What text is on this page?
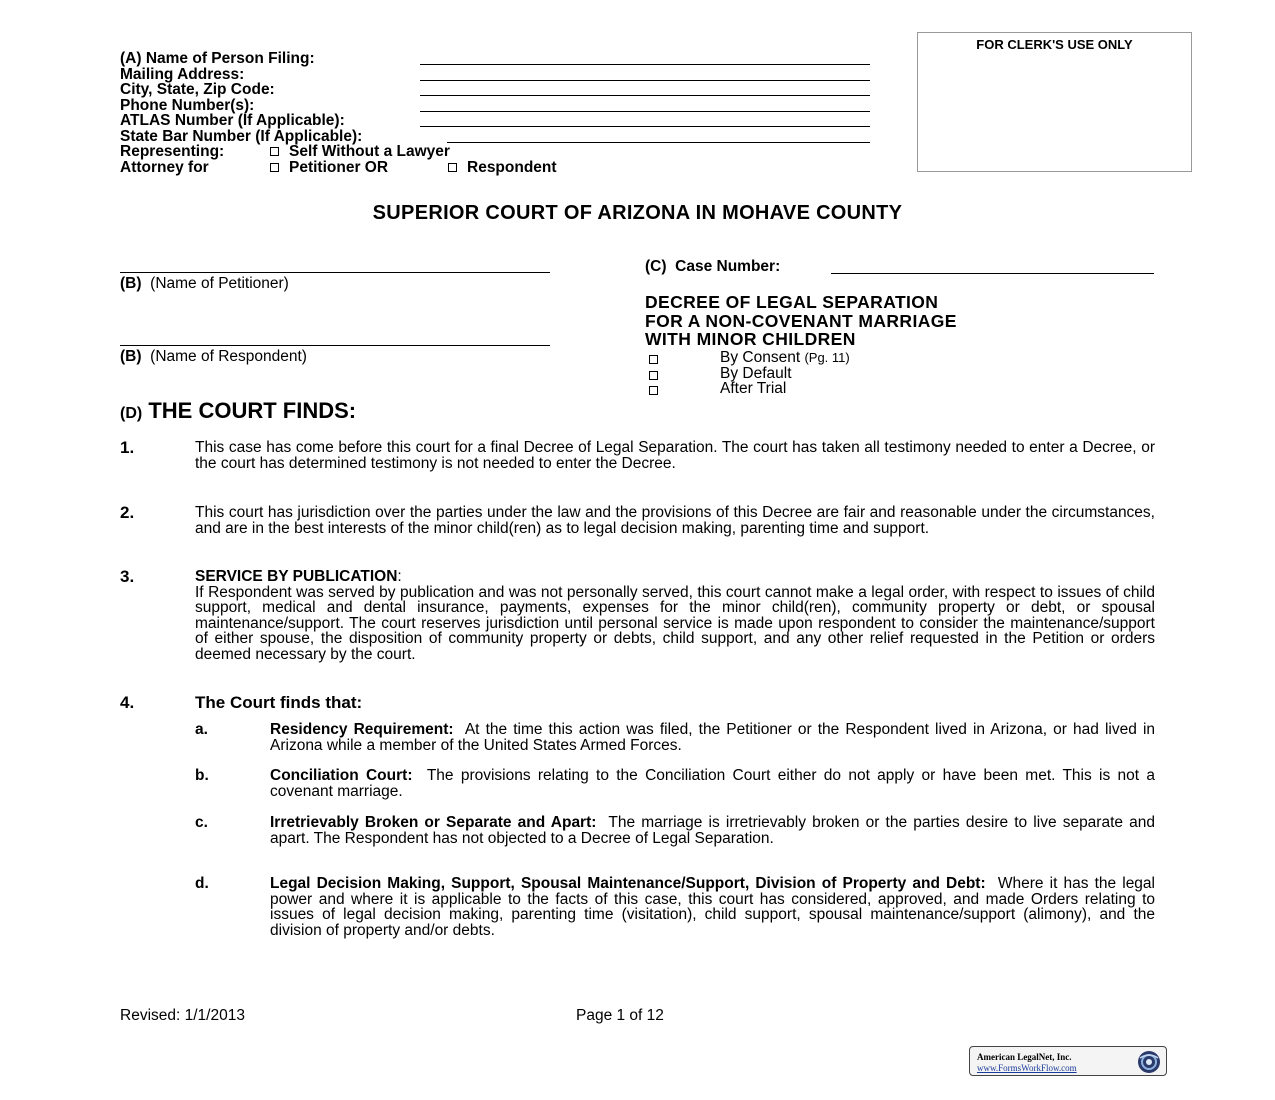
(A) Name of Person Filing:
Mailing Address:
City, State, Zip Code:
Phone Number(s):
ATLAS Number (If Applicable):
State Bar Number (If Applicable):
Representing:	Self Without a Lawyer
Attorney for	Petitioner OR	Respondent
FOR CLERK'S USE ONLY
SUPERIOR COURT OF ARIZONA IN MOHAVE COUNTY
(B) (Name of Petitioner)
(B) (Name of Respondent)
(C) Case Number:
DECREE OF LEGAL SEPARATION
FOR A NON-COVENANT MARRIAGE
WITH MINOR CHILDREN
By Consent (Pg. 11)
By Default
After Trial
(D) THE COURT FINDS:
1.	This case has come before this court for a final Decree of Legal Separation. The court has taken all testimony needed to enter a Decree, or the court has determined testimony is not needed to enter the Decree.
2.	This court has jurisdiction over the parties under the law and the provisions of this Decree are fair and reasonable under the circumstances, and are in the best interests of the minor child(ren) as to legal decision making, parenting time and support.
3.	SERVICE BY PUBLICATION:
If Respondent was served by publication and was not personally served, this court cannot make a legal order, with respect to issues of child support, medical and dental insurance, payments, expenses for the minor child(ren), community property or debt, or spousal maintenance/support. The court reserves jurisdiction until personal service is made upon respondent to consider the maintenance/support of either spouse, the disposition of community property or debts, child support, and any other relief requested in the Petition or orders deemed necessary by the court.
4.	The Court finds that:
a.	Residency Requirement: At the time this action was filed, the Petitioner or the Respondent lived in Arizona, or had lived in Arizona while a member of the United States Armed Forces.
b.	Conciliation Court: The provisions relating to the Conciliation Court either do not apply or have been met. This is not a covenant marriage.
c.	Irretrievably Broken or Separate and Apart: The marriage is irretrievably broken or the parties desire to live separate and apart. The Respondent has not objected to a Decree of Legal Separation.
d.	Legal Decision Making, Support, Spousal Maintenance/Support, Division of Property and Debt: Where it has the legal power and where it is applicable to the facts of this case, this court has considered, approved, and made Orders relating to issues of legal decision making, parenting time (visitation), child support, spousal maintenance/support (alimony), and the division of property and/or debts.
Revised: 1/1/2013	Page 1 of 12
American LegalNet, Inc.
www.FormsWorkFlow.com
